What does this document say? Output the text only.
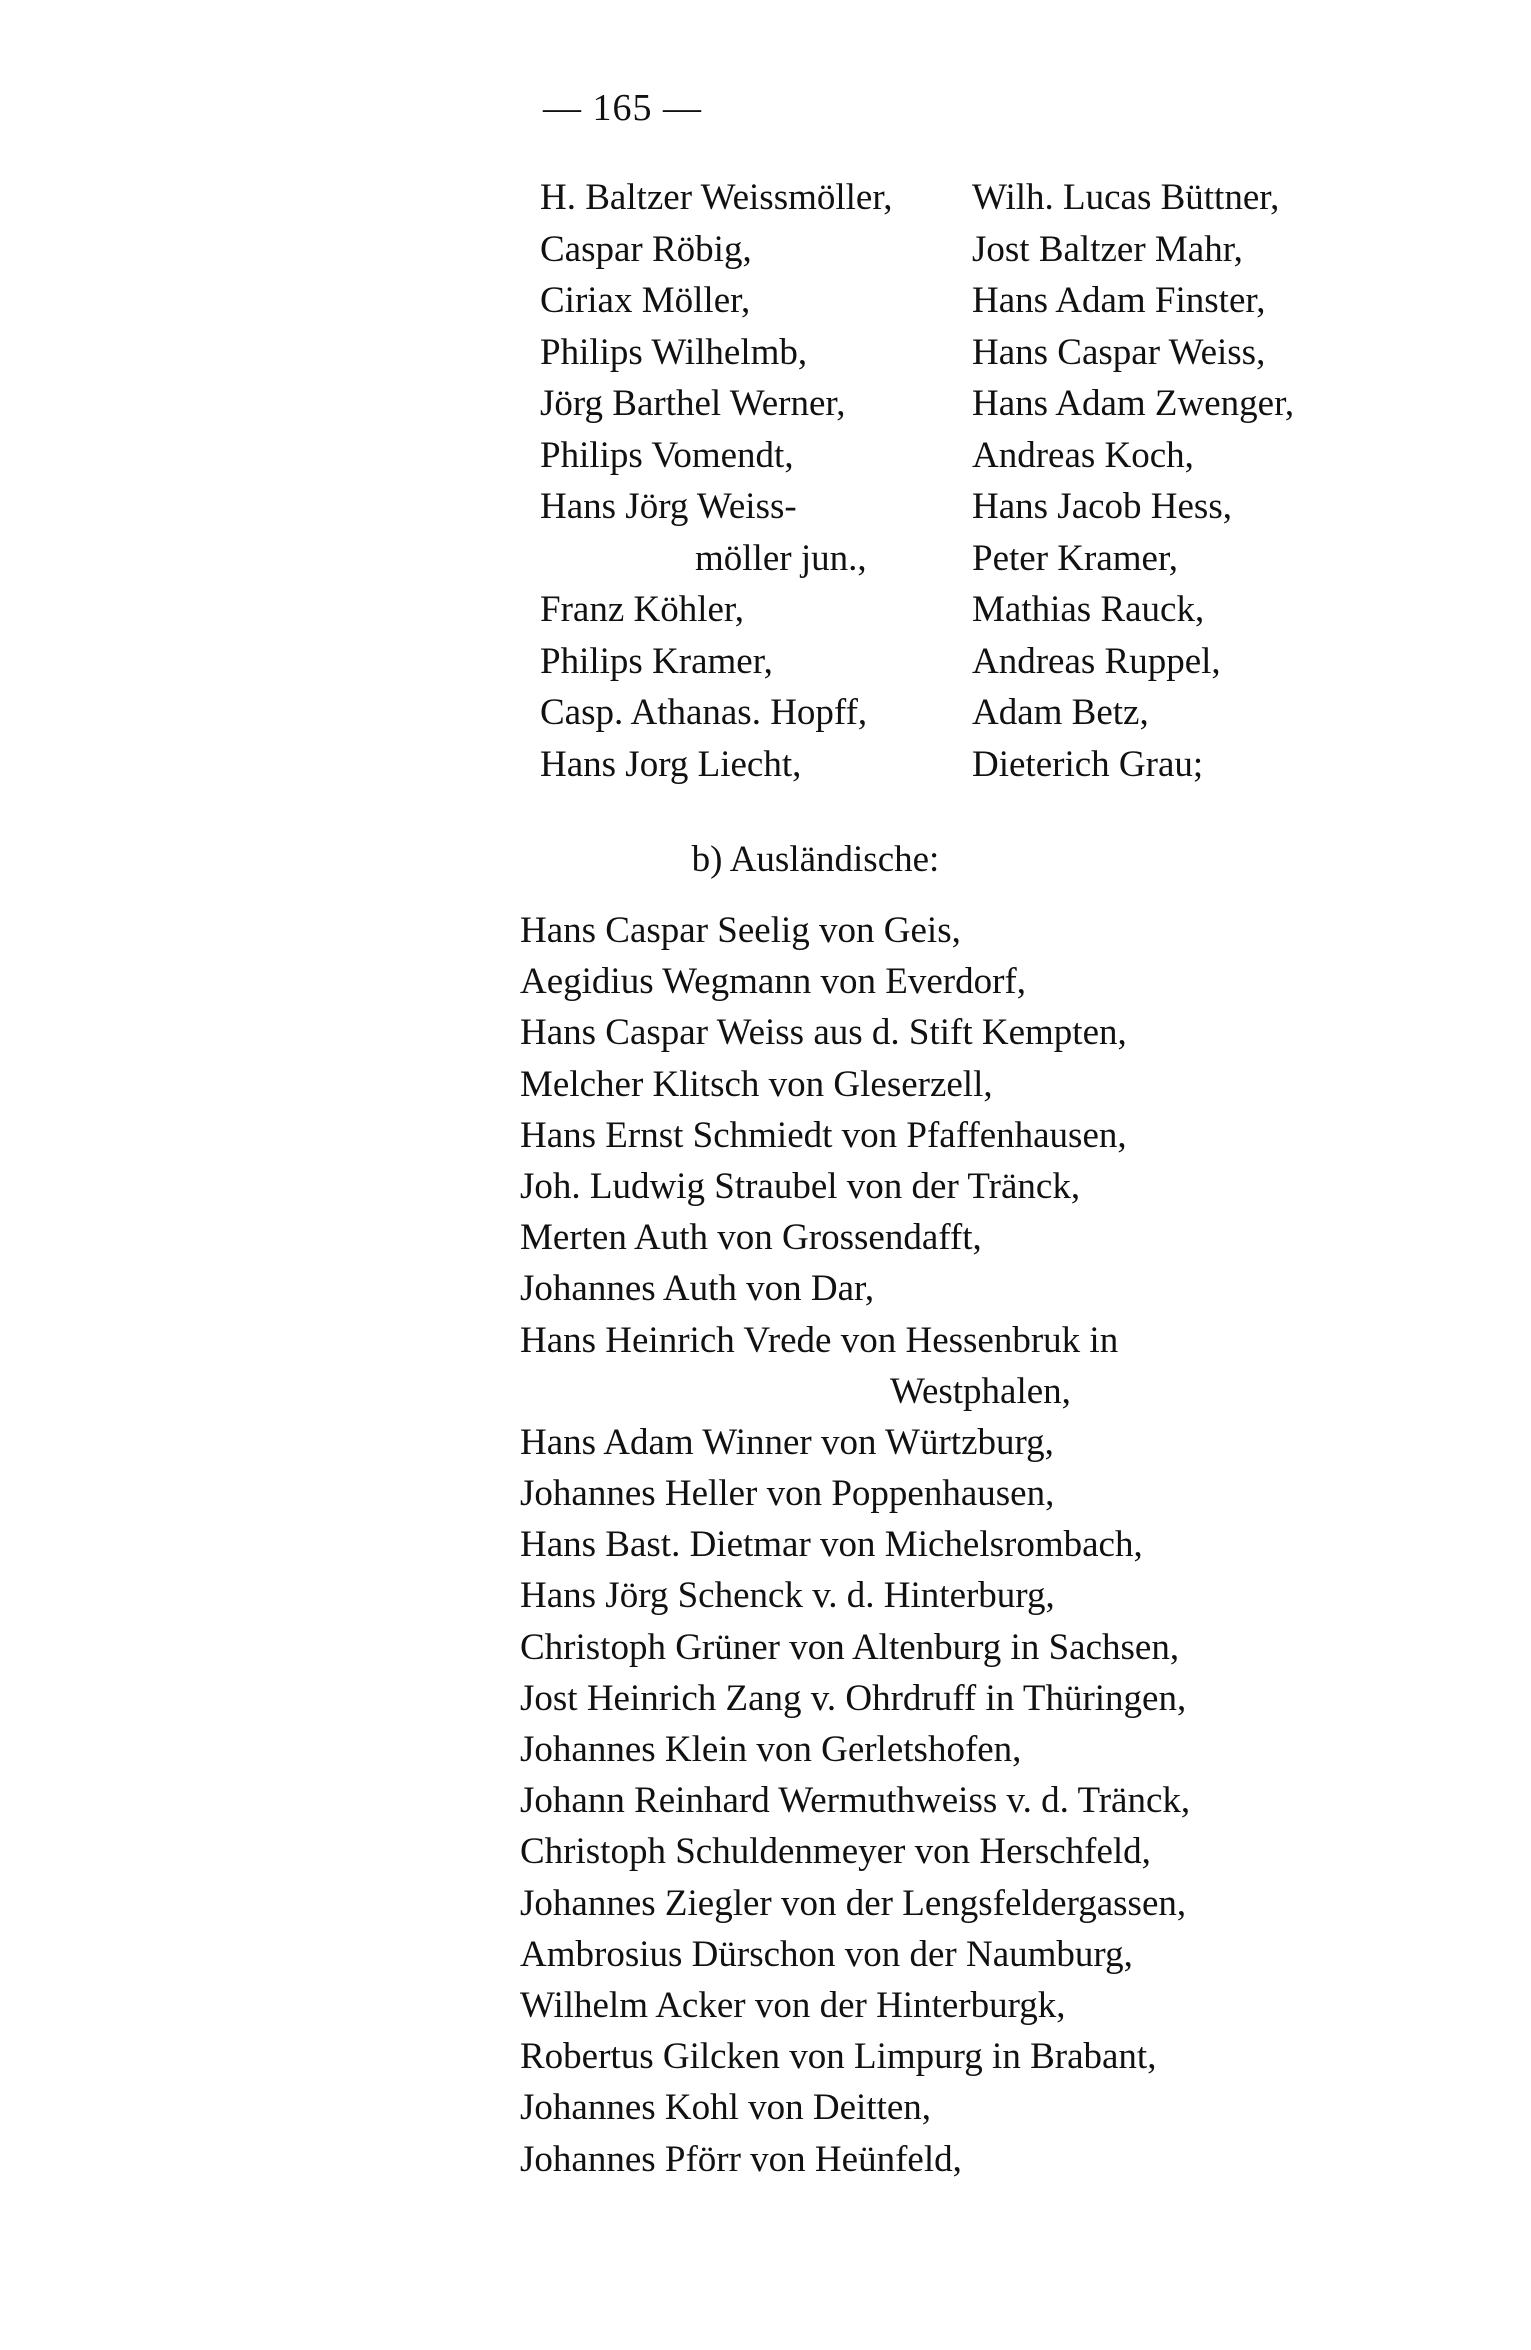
— 165 —
H. Baltzer Weissmöller,
Caspar Röbig,
Ciriax Möller,
Philips Wilhelmb,
Jörg Barthel Werner,
Philips Vomendt,
Hans Jörg Weiss-
möller jun.,
Franz Köhler,
Philips Kramer,
Casp. Athanas. Hopff,
Hans Jorg Liecht,
Wilh. Lucas Büttner,
Jost Baltzer Mahr,
Hans Adam Finster,
Hans Caspar Weiss,
Hans Adam Zwenger,
Andreas Koch,
Hans Jacob Hess,
Peter Kramer,
Mathias Rauck,
Andreas Ruppel,
Adam Betz,
Dieterich Grau;
b) Ausländische:
Hans Caspar Seelig von Geis,
Aegidius Wegmann von Everdorf,
Hans Caspar Weiss aus d. Stift Kempten,
Melcher Klitsch von Gleserzell,
Hans Ernst Schmiedt von Pfaffenhausen,
Joh. Ludwig Straubel von der Tränck,
Merten Auth von Grossendafft,
Johannes Auth von Dar,
Hans Heinrich Vrede von Hessenbruk in
Westphalen,
Hans Adam Winner von Würtzburg,
Johannes Heller von Poppenhausen,
Hans Bast. Dietmar von Michelsrombach,
Hans Jörg Schenck v. d. Hinterburg,
Christoph Grüner von Altenburg in Sachsen,
Jost Heinrich Zang v. Ohrdruff in Thüringen,
Johannes Klein von Gerletshofen,
Johann Reinhard Wermuthweiss v. d. Tränck,
Christoph Schuldenmeyer von Herschfeld,
Johannes Ziegler von der Lengsfeldergassen,
Ambrosius Dürschon von der Naumburg,
Wilhelm Acker von der Hinterburgk,
Robertus Gilcken von Limpurg in Brabant,
Johannes Kohl von Deitten,
Johannes Pförr von Heünfeld,
